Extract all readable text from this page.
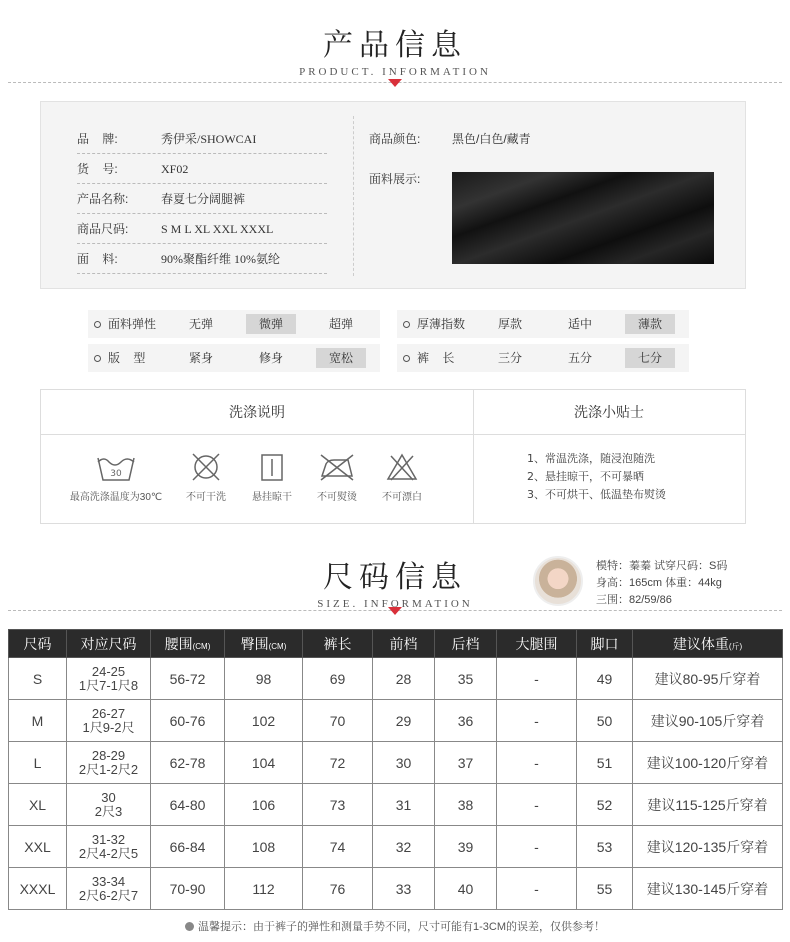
产品信息
PRODUCT. INFORMATION
品    牌:	秀伊采/SHOWCAI
货    号:	XF02
产品名称:	春夏七分阔腿裤
商品尺码:	S M L XL XXL XXXL
面    料:	90%聚酯纤维 10%氨纶
商品颜色:	黑色/白色/藏青
面料展示:
面料弹性	无弹	微弹	超弹	厚薄指数	厚款	适中	薄款
版    型	紧身	修身	宽松	裤    长	三分	五分	七分
洗涤说明	洗涤小贴士
30
最高洗涤温度为30℃	不可干洗	悬挂晾干	不可熨烫	不可漂白
1、常温洗涤，随浸泡随洗
2、悬挂晾干，不可暴晒
3、不可烘干、低温垫布熨烫
尺码信息
SIZE. INFORMATION
模特：蓁蓁 试穿尺码：S码
身高：165cm 体重：44kg
三围：82/59/86
尺码	对应尺码	腰围(CM)	臀围(CM)	裤长	前档	后档	大腿围	脚口	建议体重(斤)
S	24-25
1尺7-1尺8	56-72	98	69	28	35	-	49	建议80-95斤穿着
M	26-27
1尺9-2尺	60-76	102	70	29	36	-	50	建议90-105斤穿着
L	28-29
2尺1-2尺2	62-78	104	72	30	37	-	51	建议100-120斤穿着
XL	30
2尺3	64-80	106	73	31	38	-	52	建议115-125斤穿着
XXL	31-32
2尺4-2尺5	66-84	108	74	32	39	-	53	建议120-135斤穿着
XXXL	33-34
2尺6-2尺7	70-90	112	76	33	40	-	55	建议130-145斤穿着
温馨提示：由于裤子的弹性和测量手势不同，尺寸可能有1-3CM的误差，仅供参考！
